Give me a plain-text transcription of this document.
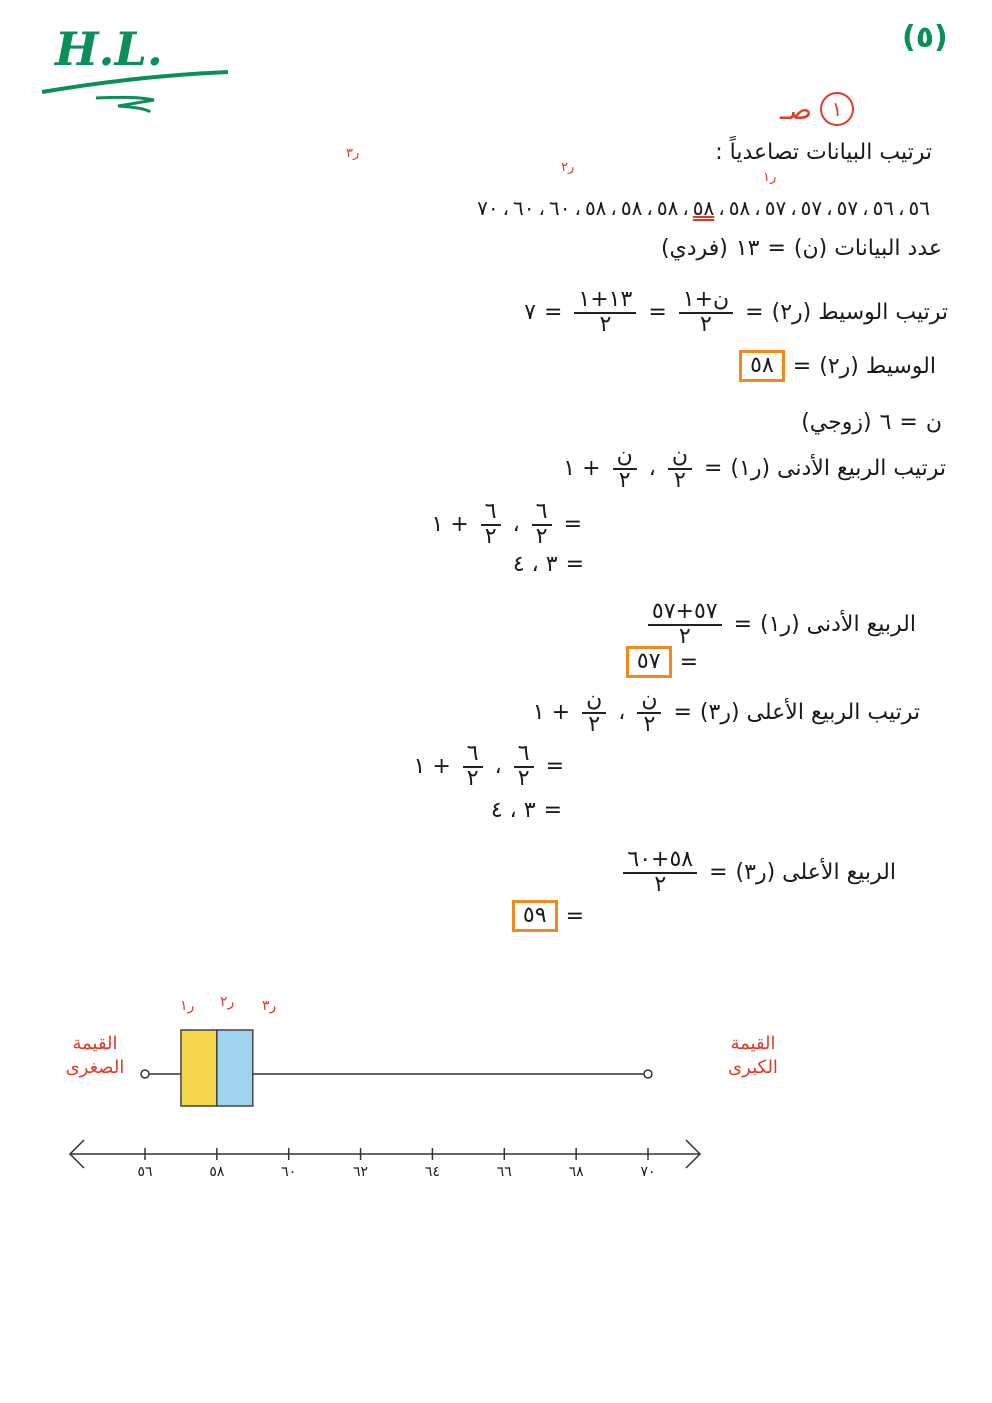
H.L.	(٥)
١
صـ
ترتيب البيانات تصاعدياً :
ر٣
ر٢
ر١
٥٦
،
٥٦
،
٥٧
،
٥٧
،
٥٧
،
٥٨
،
٥٨
،
٥٨
،
٥٨
،
٥٨
،
٦٠
،
٦٠
،
٧٠
عدد البيانات (ن)
=
١٣
(فردي)
ترتيب الوسيط (ر٢)
=
$\frac{\text{ن+١}}{٢}$
=
$\frac{١٣+١}{٢}$
=
٧
الوسيط (ر٢)
=
٥٨
ن
=
٦
(زوجي)
ترتيب الربيع الأدنى (ر١)
=
$\frac{\text{ن}}{٢}$
،
$\frac{\text{ن}}{٢}$
+ ١
=
$\frac{٦}{٢}$
،
$\frac{٦}{٢}$
+ ١
=
٣ ، ٤
الربيع الأدنى (ر١)
=
$\frac{٥٧+٥٧}{٢}$
=
٥٧
ترتيب الربيع الأعلى (ر٣)
=
$\frac{\text{ن}}{٢}$
،
$\frac{\text{ن}}{٢}$
+ ١
=
$\frac{٦}{٢}$
،
$\frac{٦}{٢}$
+ ١
=
٣ ، ٤
الربيع الأعلى (ر٣)
=
$\frac{٥٨+٦٠}{٢}$
=
٥٩
القيمة
الصغرى
القيمة
الكبرى
ر١ ر٢ ر٣
٥٦	٥٨	٦٠	٦٢	٦٤	٦٦	٦٨	٧٠
